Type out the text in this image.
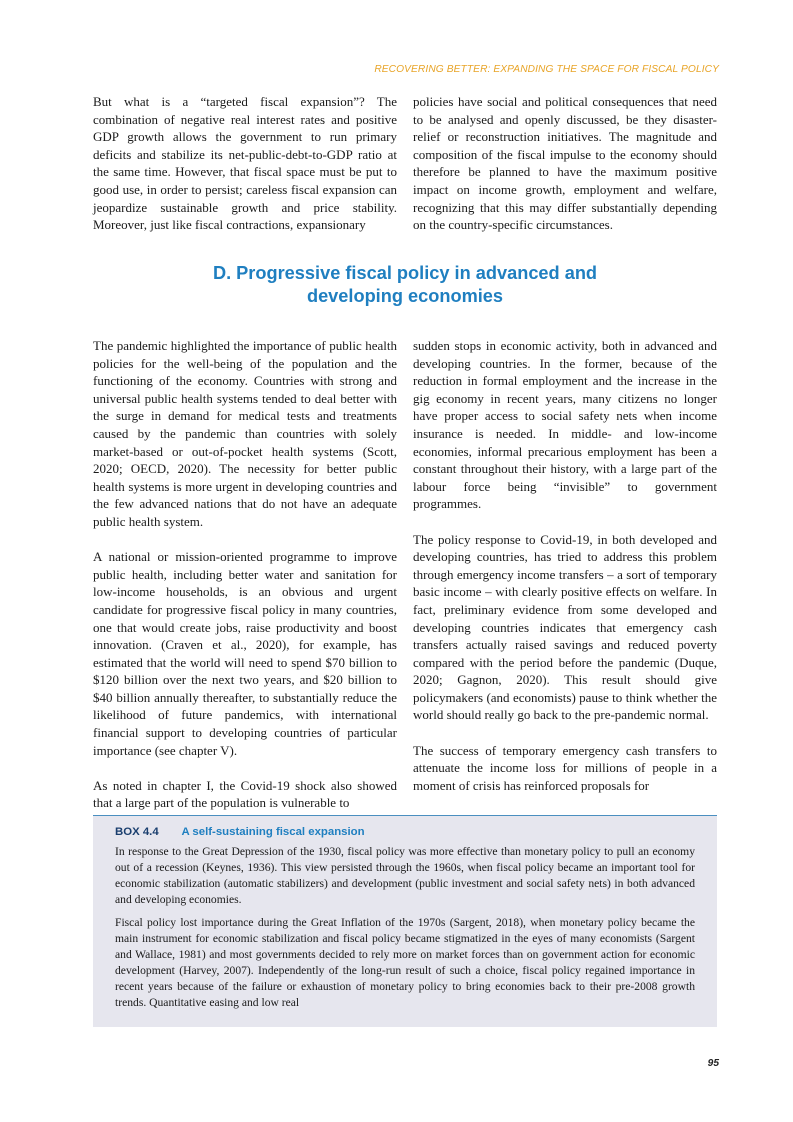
RECOVERING BETTER: EXPANDING THE SPACE FOR FISCAL POLICY

But what is a “targeted fiscal expansion”? The combination of negative real interest rates and positive GDP growth allows the government to run primary deficits and stabilize its net-public-debt-to-GDP ratio at the same time. However, that fiscal space must be put to good use, in order to persist; careless fiscal expansion can jeopardize sustainable growth and price stability. Moreover, just like fiscal contractions, expansionary

policies have social and political consequences that need to be analysed and openly discussed, be they disaster-relief or reconstruction initiatives. The magnitude and composition of the fiscal impulse to the economy should therefore be planned to have the maximum positive impact on income growth, employment and welfare, recognizing that this may differ substantially depending on the country-specific circumstances.

D. Progressive fiscal policy in advanced and
developing economies

The pandemic highlighted the importance of public health policies for the well-being of the population and the functioning of the economy. Countries with strong and universal public health systems tended to deal better with the surge in demand for medical tests and treatments caused by the pandemic than countries with solely market-based or out-of-pocket health systems (Scott, 2020; OECD, 2020). The necessity for better public health systems is more urgent in developing countries and the few advanced nations that do not have an adequate public health system.

A national or mission-oriented programme to improve public health, including better water and sanitation for low-income households, is an obvious and urgent candidate for progressive fiscal policy in many countries, one that would create jobs, raise productivity and boost innovation. (Craven et al., 2020), for example, has estimated that the world will need to spend $70 billion to $120 billion over the next two years, and $20 billion to $40 billion annually thereafter, to substantially reduce the likelihood of future pandemics, with international financial support to developing countries of particular importance (see chapter V).

As noted in chapter I, the Covid-19 shock also showed that a large part of the population is vulnerable to

sudden stops in economic activity, both in advanced and developing countries. In the former, because of the reduction in formal employment and the increase in the gig economy in recent years, many citizens no longer have proper access to social safety nets when income insurance is needed. In middle- and low-income economies, informal precarious employment has been a constant throughout their history, with a large part of the labour force being “invisible” to government programmes.

The policy response to Covid-19, in both developed and developing countries, has tried to address this problem through emergency income transfers – a sort of temporary basic income – with clearly positive effects on welfare. In fact, preliminary evidence from some developed and developing countries indicates that emergency cash transfers actually raised savings and reduced poverty compared with the period before the pandemic (Duque, 2020; Gagnon, 2020). This result should give policymakers (and economists) pause to think whether the world should really go back to the pre-pandemic normal.

The success of temporary emergency cash transfers to attenuate the income loss for millions of people in a moment of crisis has reinforced proposals for

BOX 4.4 A self-sustaining fiscal expansion

In response to the Great Depression of the 1930, fiscal policy was more effective than monetary policy to pull an economy out of a recession (Keynes, 1936). This view persisted through the 1960s, when fiscal policy became an important tool for economic stabilization (automatic stabilizers) and development (public investment and social safety nets) in both advanced and developing economies.

Fiscal policy lost importance during the Great Inflation of the 1970s (Sargent, 2018), when monetary policy became the main instrument for economic stabilization and fiscal policy became stigmatized in the eyes of many economists (Sargent and Wallace, 1981) and most governments decided to rely more on market forces than on government action for economic development (Harvey, 2007). Independently of the long-run result of such a choice, fiscal policy regained importance in recent years because of the failure or exhaustion of monetary policy to bring economies back to their pre-2008 growth trends. Quantitative easing and low real

95
